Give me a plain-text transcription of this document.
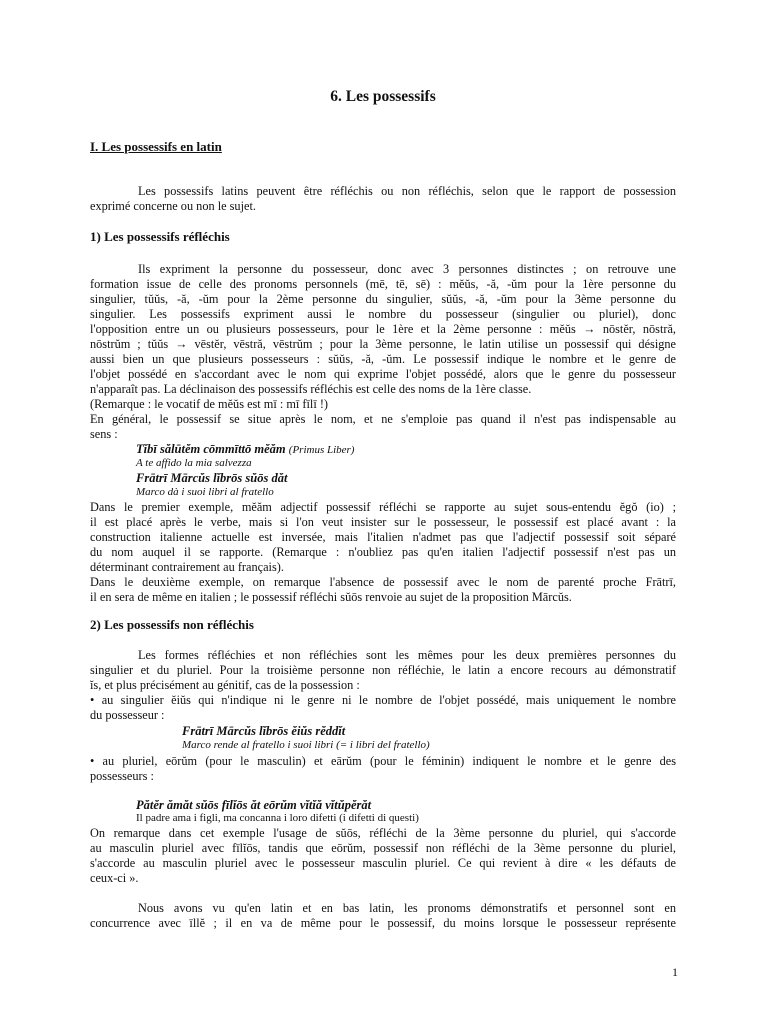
6. Les possessifs
I. Les possessifs en latin
Les possessifs latins peuvent être réfléchis ou non réfléchis, selon que le rapport de possession
exprimé concerne ou non le sujet.
1) Les possessifs réfléchis
Ils expriment la personne du possesseur, donc avec 3 personnes distinctes ; on retrouve une
formation issue de celle des pronoms personnels (mē, tē, sē) : mĕŭs, -ă, -ŭm pour la 1ère personne du
singulier, tŭŭs, -ă, -ŭm pour la 2ème personne du singulier, sŭŭs, -ă, -ŭm pour la 3ème personne du
singulier. Les possessifs expriment aussi le nombre du possesseur (singulier ou pluriel), donc
l'opposition entre un ou plusieurs possesseurs, pour le 1ère et la 2ème personne : mĕŭs → nōstĕr, nōstră,
nōstrŭm ; tŭŭs → vēstĕr, vēstră, vēstrŭm ; pour la 3ème personne, le latin utilise un possessif qui désigne
aussi bien un que plusieurs possesseurs : sŭŭs, -ă, -ŭm. Le possessif indique le nombre et le genre de
l'objet possédé en s'accordant avec le nom qui exprime l'objet possédé, alors que le genre du possesseur
n'apparaît pas. La déclinaison des possessifs réfléchis est celle des noms de la 1ère classe.
(Remarque : le vocatif de mĕŭs est mī : mī fīlī !)
En général, le possessif se situe après le nom, et ne s'emploie pas quand il n'est pas indispensable au
sens :
Tĭbī sălūtĕm cōmmīttō mĕăm (Primus Liber)
A te affido la mia salvezza
Frātrī Mārcŭs lĭbrōs sŭōs dăt
Marco dà i suoi libri al fratello
Dans le premier exemple, mĕăm adjectif possessif réfléchi se rapporte au sujet sous-entendu ĕgŏ (io) ;
il est placé après le verbe, mais si l'on veut insister sur le possesseur, le possessif est placé avant : la
construction italienne actuelle est inversée, mais l'italien n'admet pas que l'adjectif possessif soit séparé
du nom auquel il se rapporte. (Remarque : n'oubliez pas qu'en italien l'adjectif possessif n'est pas un
déterminant contrairement au français).
Dans le deuxième exemple, on remarque l'absence de possessif avec le nom de parenté proche Frātrī,
il en sera de même en italien ; le possessif réfléchi sŭōs renvoie au sujet de la proposition Mārcŭs.
2) Les possessifs non réfléchis
Les formes réfléchies et non réfléchies sont les mêmes pour les deux premières personnes du
singulier et du pluriel. Pour la troisième personne non réfléchie, le latin a encore recours au démonstratif
ĭs, et plus précisément au génitif, cas de la possession :
• au singulier ĕiŭs qui n'indique ni le genre ni le nombre de l'objet possédé, mais uniquement le nombre
du possesseur :
Frātrī Mārcŭs lĭbrōs ĕiŭs rĕddĭt
Marco rende al fratello i suoi libri (= i libri del fratello)
• au pluriel, eōrŭm (pour le masculin) et eārŭm (pour le féminin) indiquent le nombre et le genre des
possesseurs :
Pătĕr ămăt sŭōs fīlĭōs ăt eōrŭm vĭtĭă vĭtŭpĕrăt
Il padre ama i figli, ma concanna i loro difetti (i difetti di questi)
On remarque dans cet exemple l'usage de sŭōs, réfléchi de la 3ème personne du pluriel, qui s'accorde
au masculin pluriel avec fīlĭōs, tandis que eōrŭm, possessif non réfléchi de la 3ème personne du pluriel,
s'accorde au masculin pluriel avec le possesseur masculin pluriel. Ce qui revient à dire « les défauts de
ceux-ci ».
Nous avons vu qu'en latin et en bas latin, les pronoms démonstratifs et personnel sont en
concurrence avec īllĕ ; il en va de même pour le possessif, du moins lorsque le possesseur représente
1
